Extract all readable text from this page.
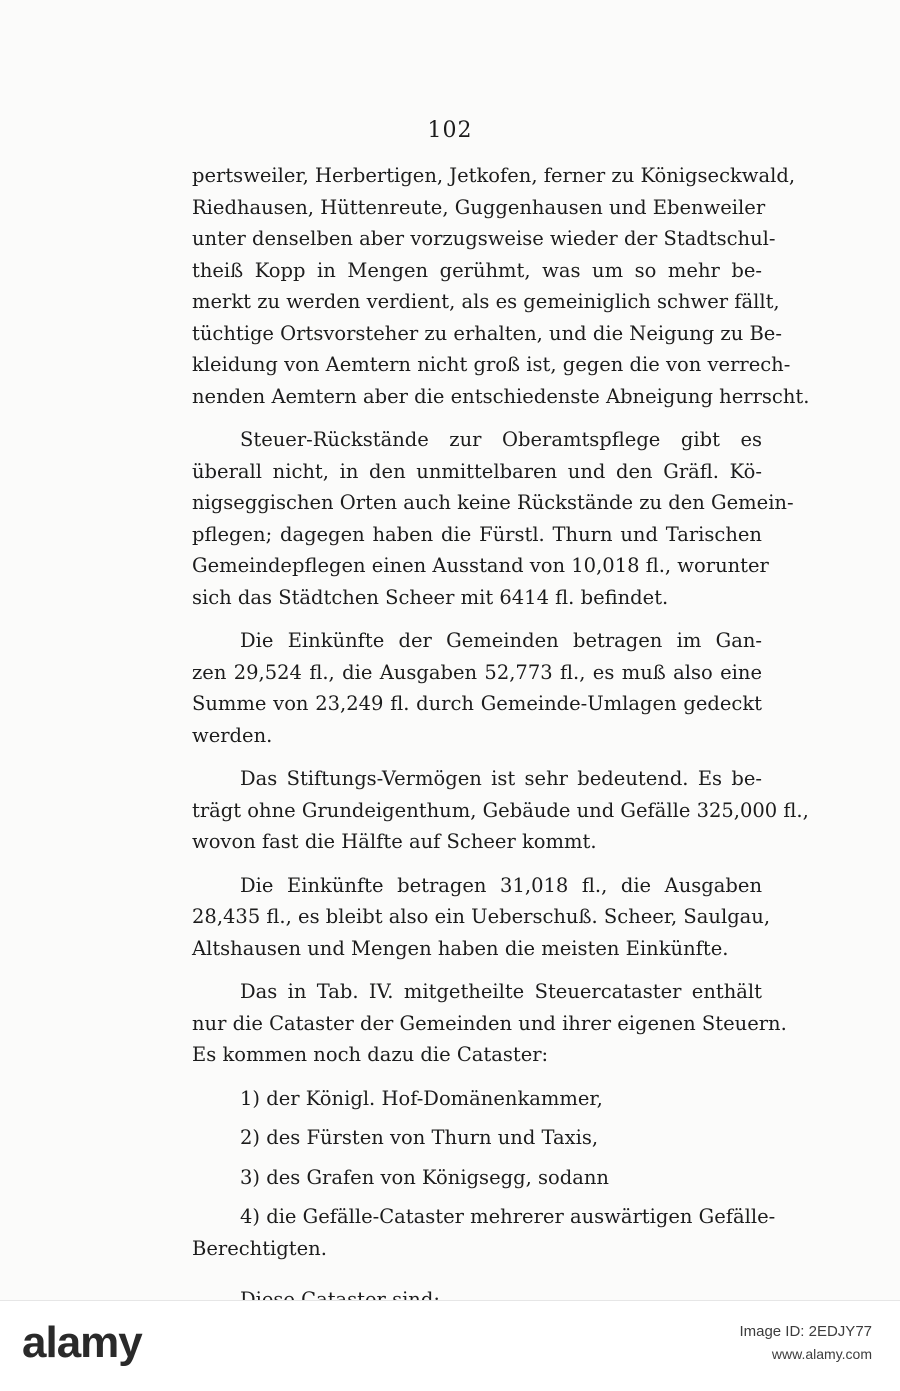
102
pertsweiler, Herbertigen, Jetkofen, ferner zu Königseckwald,
Riedhausen, Hüttenreute, Guggenhausen und Ebenweiler
unter denselben aber vorzugsweise wieder der Stadtschul-
theiß Kopp in Mengen gerühmt, was um so mehr be-
merkt zu werden verdient, als es gemeiniglich schwer fällt,
tüchtige Ortsvorsteher zu erhalten, und die Neigung zu Be-
kleidung von Aemtern nicht groß ist, gegen die von verrech-
nenden Aemtern aber die entschiedenste Abneigung herrscht.
Steuer-Rückstände zur Oberamtspflege gibt es
überall nicht, in den unmittelbaren und den Gräfl. Kö-
nigseggischen Orten auch keine Rückstände zu den Gemein-
pflegen; dagegen haben die Fürstl. Thurn und Tarischen
Gemeindepflegen einen Ausstand von 10,018 fl., worunter
sich das Städtchen Scheer mit 6414 fl. befindet.
Die Einkünfte der Gemeinden betragen im Gan-
zen 29,524 fl., die Ausgaben 52,773 fl., es muß also eine
Summe von 23,249 fl. durch Gemeinde-Umlagen gedeckt
werden.
Das Stiftungs-Vermögen ist sehr bedeutend. Es be-
trägt ohne Grundeigenthum, Gebäude und Gefälle 325,000 fl.,
wovon fast die Hälfte auf Scheer kommt.
Die Einkünfte betragen 31,018 fl., die Ausgaben
28,435 fl., es bleibt also ein Ueberschuß. Scheer, Saulgau,
Altshausen und Mengen haben die meisten Einkünfte.
Das in Tab. IV. mitgetheilte Steuercataster enthält
nur die Cataster der Gemeinden und ihrer eigenen Steuern.
Es kommen noch dazu die Cataster:
1) der Königl. Hof-Domänenkammer,
2) des Fürsten von Thurn und Taxis,
3) des Grafen von Königsegg, sodann
4) die Gefälle-Cataster mehrerer auswärtigen Gefälle-
Berechtigten.
alamy	Image ID: 2EDJY77
www.alamy.com
